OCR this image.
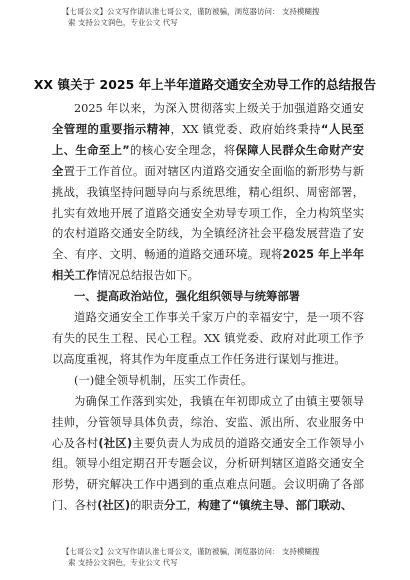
【七哥公文】公文写作请认准七哥公文，谨防被骗，浏览器访问： 支持模糊搜
索 支持公文润色，专业公文 代写
XX 镇关于 2025 年上半年道路交通安全劝导工作的总结报告

2025 年以来，为深入贯彻落实上级关于加强道路交通安全管理的重要指示精神，XX 镇党委、政府始终秉持“人民至上、生命至上”的核心安全理念，将保障人民群众生命财产安全置于工作首位。面对辖区内道路交通安全面临的新形势与新挑战，我镇坚持问题导向与系统思维，精心组织、周密部署，扎实有效地开展了道路交通安全劝导专项工作，全力构筑坚实的农村道路交通安全防线，为全镇经济社会平稳发展营造了安全、有序、文明、畅通的道路交通环境。现将2025 年上半年相关工作情况总结报告如下。

一、提高政治站位，强化组织领导与统筹部署

道路交通安全工作事关千家万户的幸福安宁，是一项不容有失的民生工程、民心工程。XX 镇党委、政府对此项工作予以高度重视，将其作为年度重点工作任务进行谋划与推进。

(一)健全领导机制，压实工作责任。

为确保工作落到实处，我镇在年初即成立了由镇主要领导挂帅，分管领导具体负责，综治、安监、派出所、农业服务中心及各村(社区)主要负责人为成员的道路交通安全工作领导小组。领导小组定期召开专题会议，分析研判辖区道路交通安全形势，研究解决工作中遇到的重点难点问题。会议明确了各部门、各村(社区)的职责分工，构建了“镇统主导、部门联动、

【七哥公文】公文写作请认准七哥公文，谨防被骗，浏览器访问： 支持模糊搜
索 支持公文润色，专业公文 代写
